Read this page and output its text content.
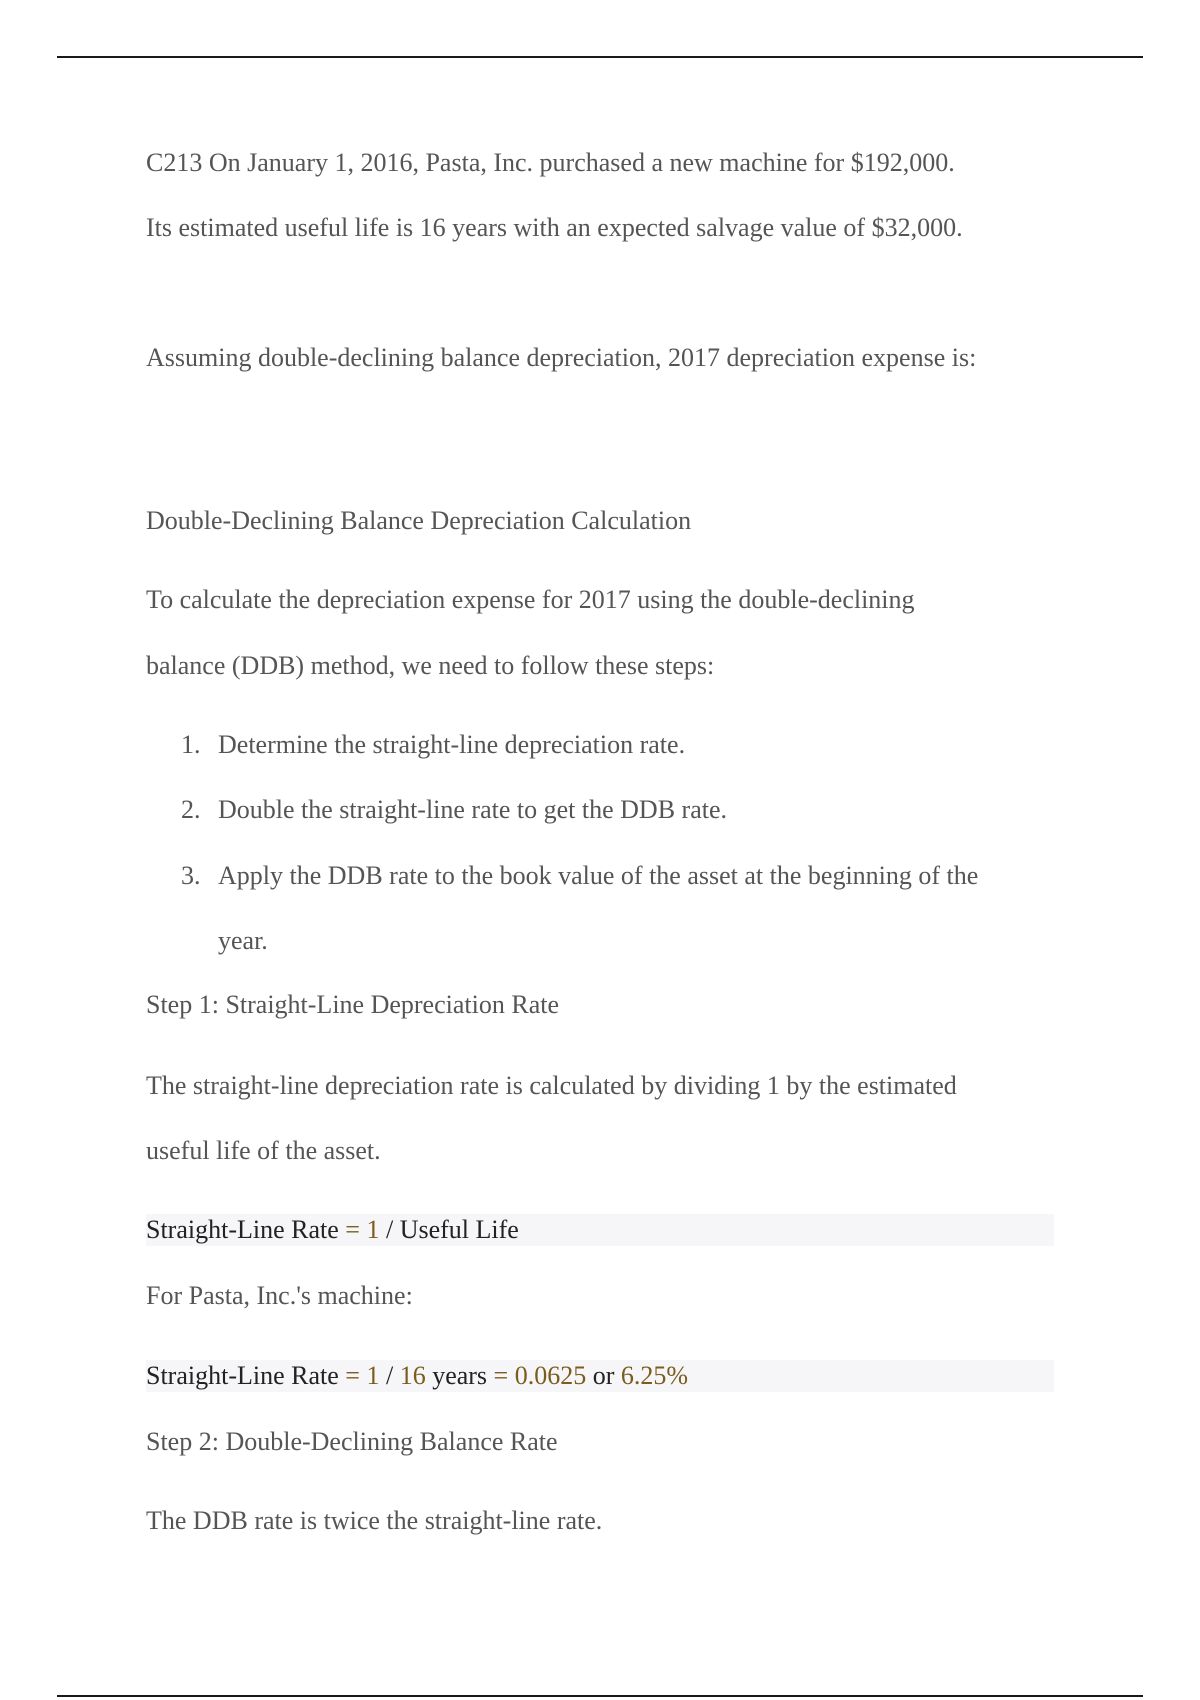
C213 On January 1, 2016, Pasta, Inc. purchased a new machine for $192,000.
Its estimated useful life is 16 years with an expected salvage value of $32,000.
Assuming double-declining balance depreciation, 2017 depreciation expense is:
Double-Declining Balance Depreciation Calculation
To calculate the depreciation expense for 2017 using the double-declining
balance (DDB) method, we need to follow these steps:
1. Determine the straight-line depreciation rate.
2. Double the straight-line rate to get the DDB rate.
3. Apply the DDB rate to the book value of the asset at the beginning of the
year.
Step 1: Straight-Line Depreciation Rate
The straight-line depreciation rate is calculated by dividing 1 by the estimated
useful life of the asset.
Straight-Line Rate = 1 / Useful Life
For Pasta, Inc.'s machine:
Straight-Line Rate = 1 / 16 years = 0.0625 or 6.25%
Step 2: Double-Declining Balance Rate
The DDB rate is twice the straight-line rate.
